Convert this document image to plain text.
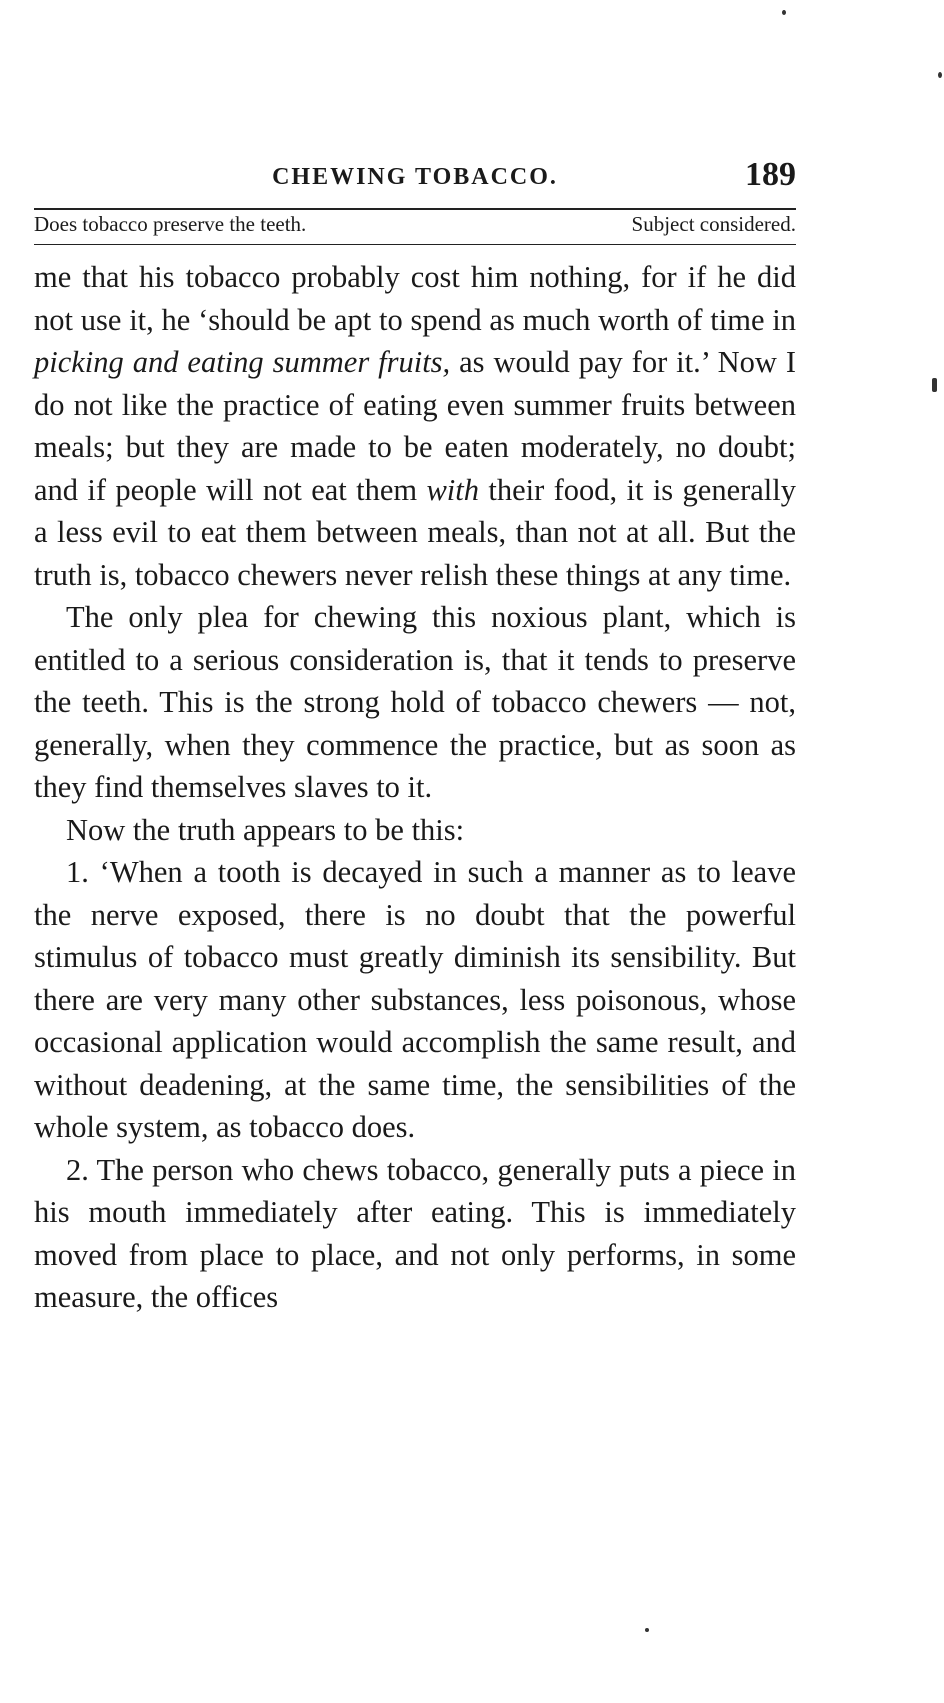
CHEWING TOBACCO.	189
Does tobacco preserve the teeth.	Subject considered.

me that his tobacco probably cost him nothing, for if he did not use it, he ‘should be apt to spend as much worth of time in picking and eating summer fruits, as would pay for it.’ Now I do not like the practice of eating even summer fruits between meals; but they are made to be eaten moderately, no doubt; and if people will not eat them with their food, it is generally a less evil to eat them between meals, than not at all. But the truth is, tobacco chewers never relish these things at any time.

The only plea for chewing this noxious plant, which is entitled to a serious consideration is, that it tends to preserve the teeth. This is the strong hold of tobacco chewers — not, generally, when they commence the practice, but as soon as they find themselves slaves to it.

Now the truth appears to be this:

1. ‘When a tooth is decayed in such a manner as to leave the nerve exposed, there is no doubt that the powerful stimulus of tobacco must greatly diminish its sensibility. But there are very many other substances, less poisonous, whose occasional application would accomplish the same result, and without deadening, at the same time, the sensibilities of the whole system, as tobacco does.

2. The person who chews tobacco, generally puts a piece in his mouth immediately after eating. This is immediately moved from place to place, and not only performs, in some measure, the offices
